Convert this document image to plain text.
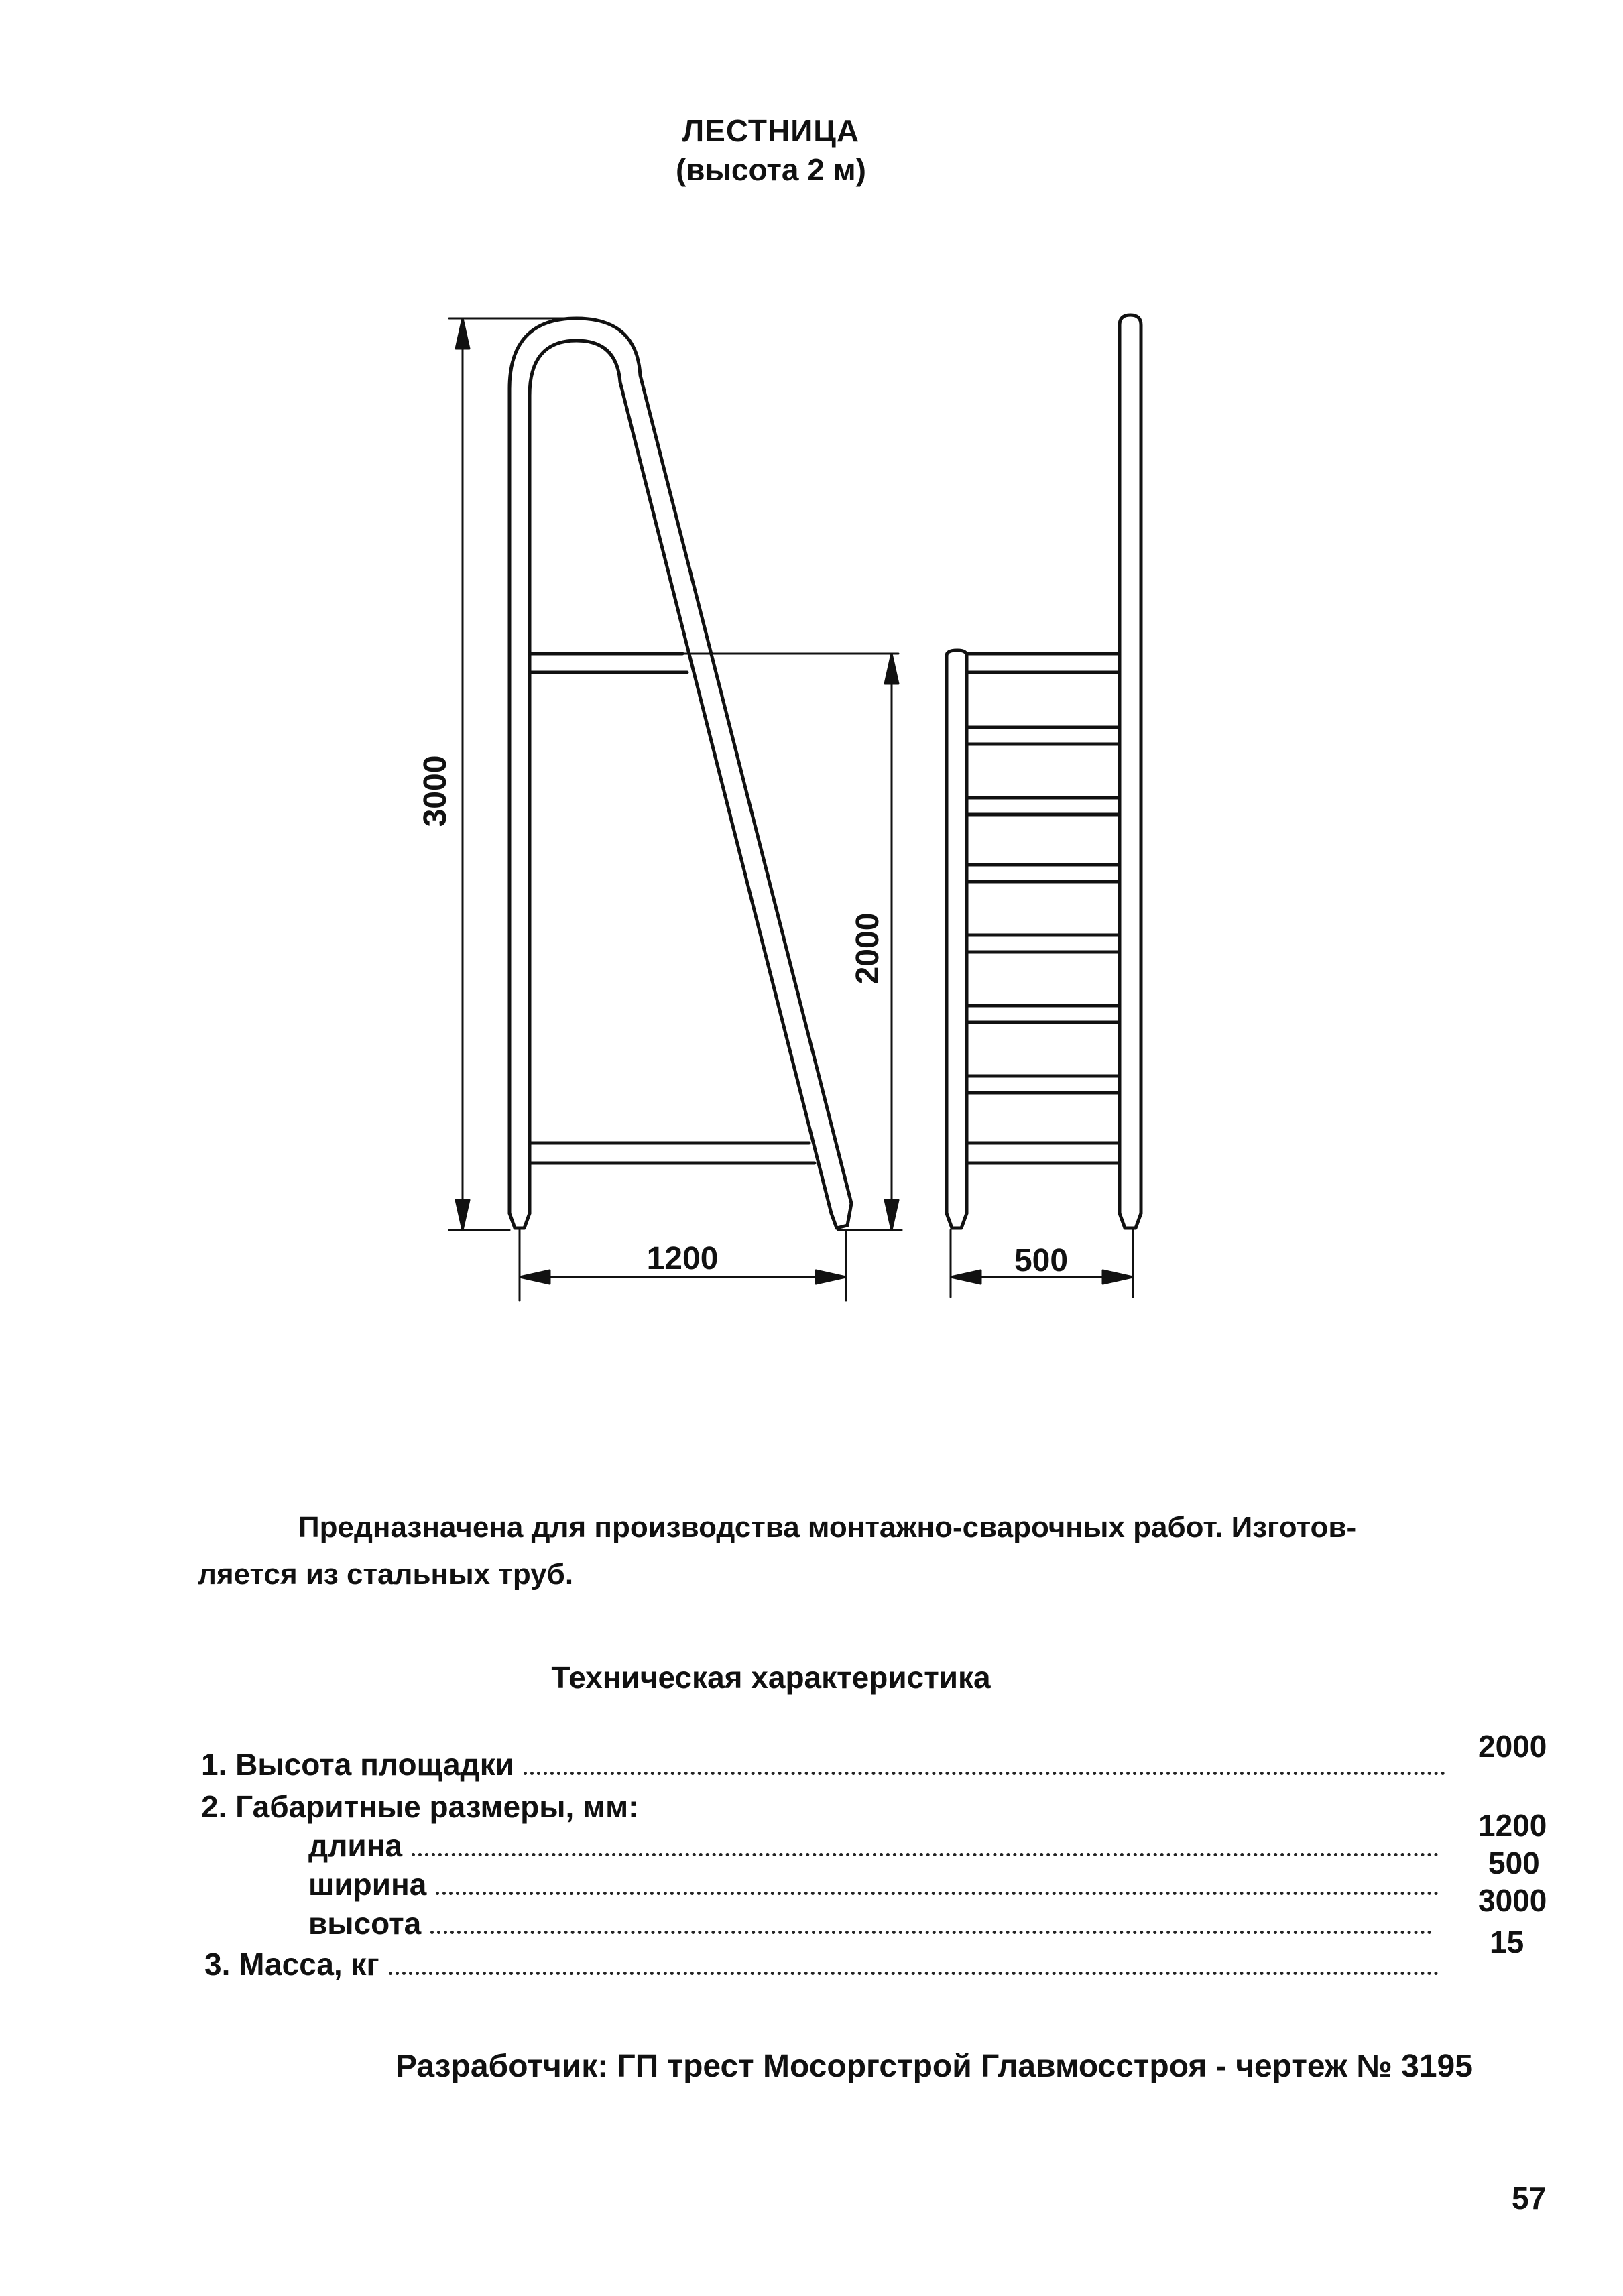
ЛЕСТНИЦА
(высота 2 м)
3000
2000
1200	500
Предназначена для производства монтажно-сварочных работ. Изготов-
ляется из стальных труб.
Техническая характеристика
1. Высота площадки
2000
2. Габаритные размеры, мм:
длина
1200
ширина
500
высота
3000
3. Масса, кг
15
Разработчик: ГП трест Мосоргстрой Главмосстроя - чертеж № 3195
57
